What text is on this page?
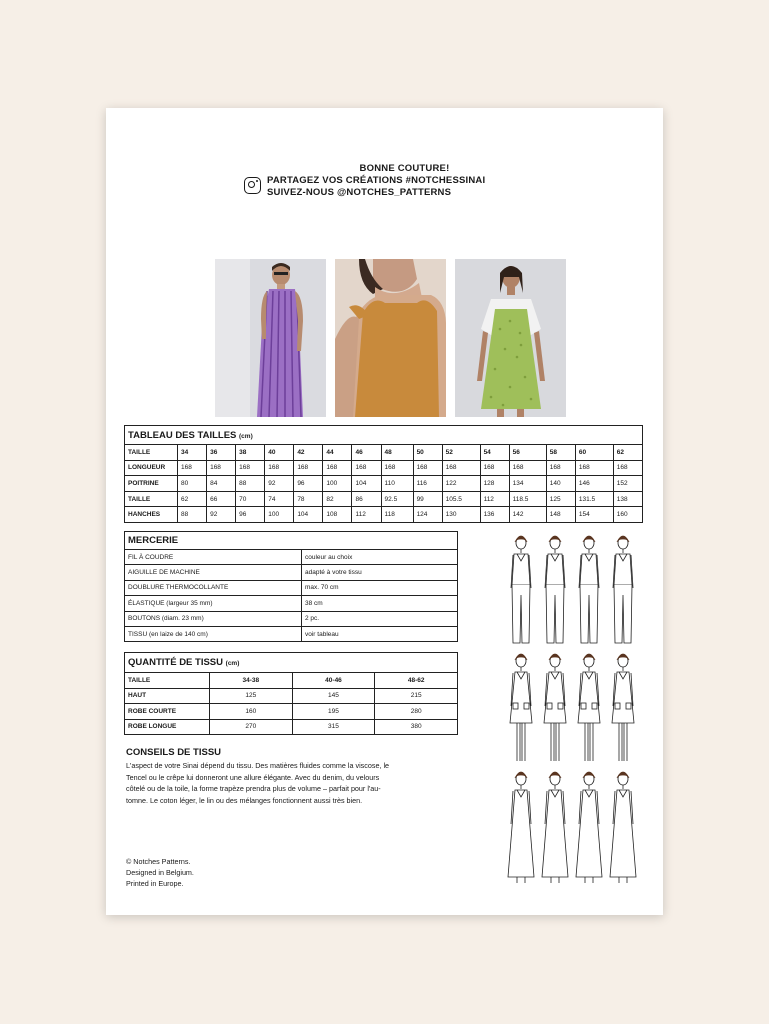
BONNE COUTURE!
PARTAGEZ VOS CRÉATIONS #NOTCHESSINAI
SUIVEZ-NOUS @NOTCHES_PATTERNS
TABLEAU DES TAILLES (cm)															
TAILLE	34	36	38	40	42	44	46	48	50	52	54	56	58	60	62
LONGUEUR	168	168	168	168	168	168	168	168	168	168	168	168	168	168	168
POITRINE	80	84	88	92	96	100	104	110	116	122	128	134	140	146	152
TAILLE	62	66	70	74	78	82	86	92.5	99	105.5	112	118.5	125	131.5	138
HANCHES	88	92	96	100	104	108	112	118	124	130	136	142	148	154	160
MERCERIE	
FIL À COUDRE	couleur au choix
AIGUILLE DE MACHINE	adapté à votre tissu
DOUBLURE THERMOCOLLANTE	max. 70 cm
ÉLASTIQUE (largeur 35 mm)	38 cm
BOUTONS (diam. 23 mm)	2 pc.
TISSU (en laize de 140 cm)	voir tableau
QUANTITÉ DE TISSU (cm)			
TAILLE	34-38	40-46	48-62
HAUT	125	145	215
ROBE COURTE	160	195	280
ROBE LONGUE	270	315	380
CONSEILS DE TISSU

L'aspect de votre Sinai dépend du tissu. Des matières fluides comme la viscose, le
Tencel ou le crêpe lui donneront une allure élégante. Avec du denim, du velours
côtelé ou de la toile, la forme trapèze prendra plus de volume – parfait pour l'au-
tomne. Le coton léger, le lin ou des mélanges fonctionnent aussi très bien.

© Notches Patterns.
Designed in Belgium.
Printed in Europe.
